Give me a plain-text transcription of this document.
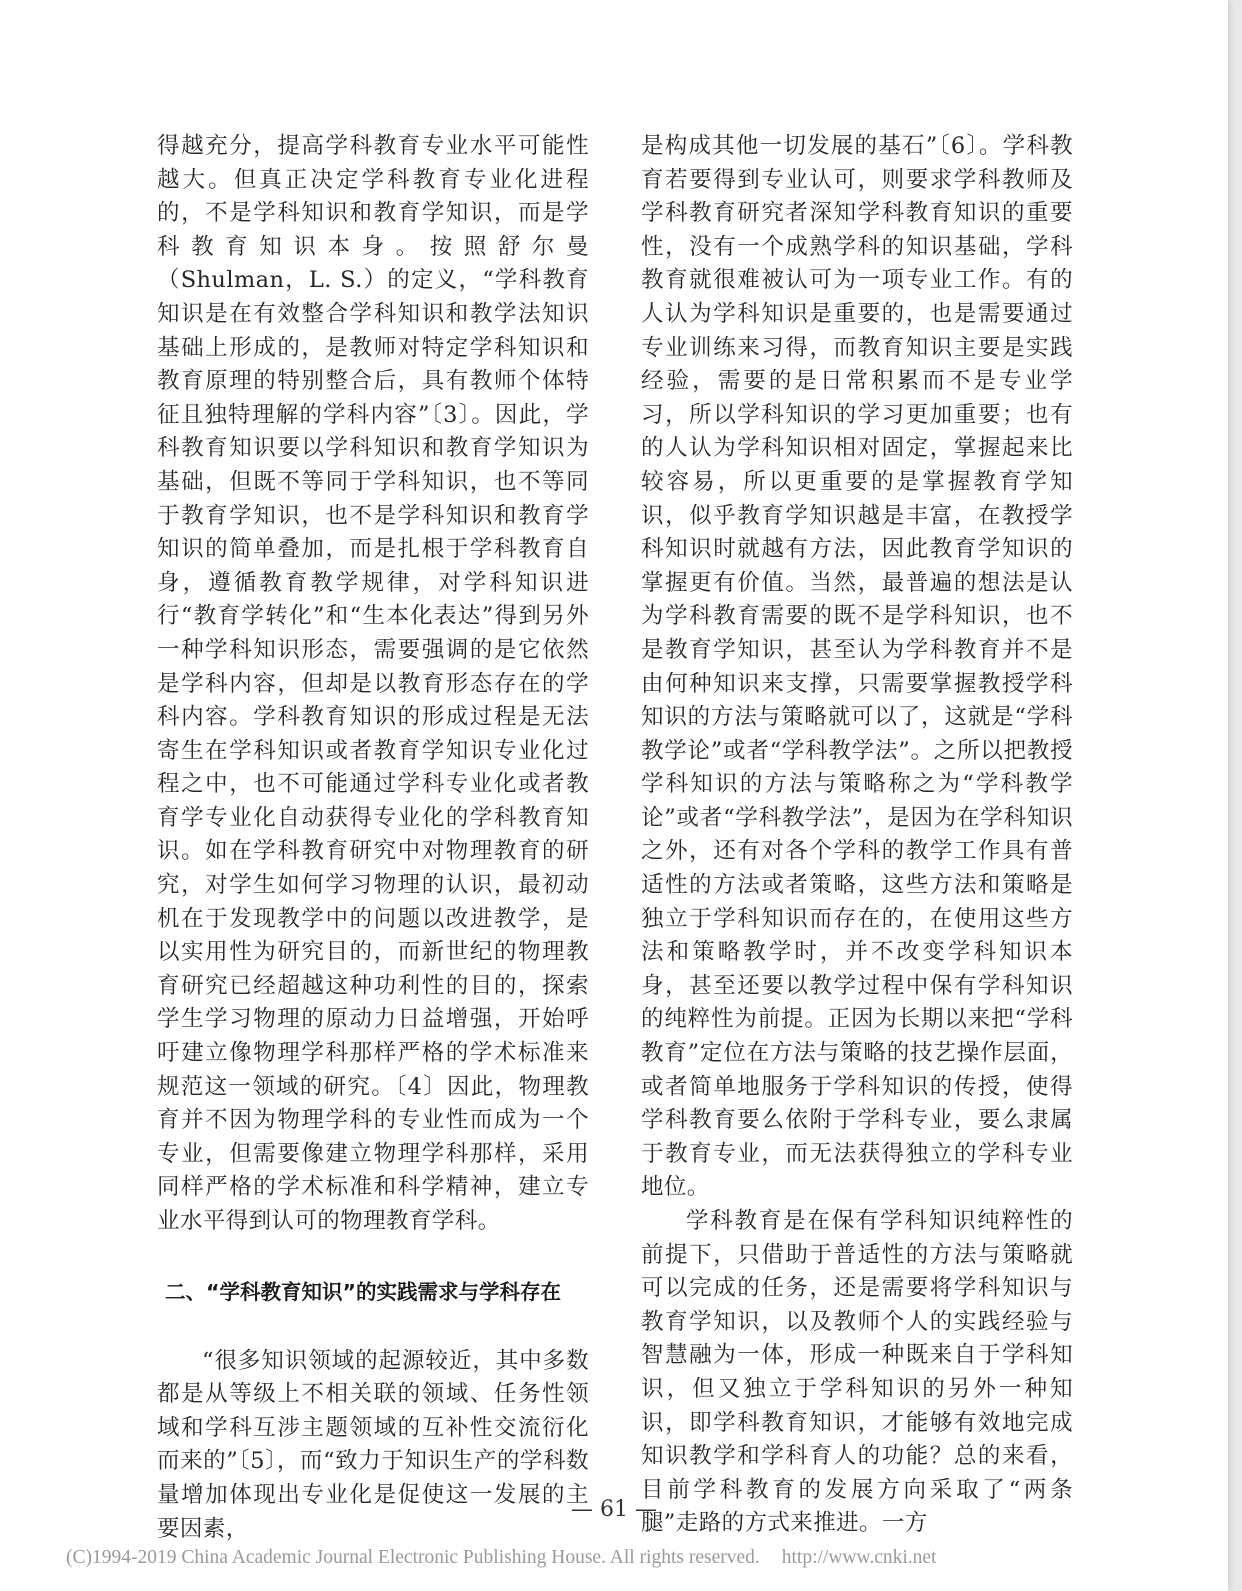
得越充分，提高学科教育专业水平可能性越大。但真正决定学科教育专业化进程的，不是学科知识和教育学知识，而是学科教育知识本身。按照舒尔曼（Shulman，L. S.）的定义，“学科教育知识是在有效整合学科知识和教学法知识基础上形成的，是教师对特定学科知识和教育原理的特别整合后，具有教师个体特征且独特理解的学科内容”〔3〕。因此，学科教育知识要以学科知识和教育学知识为基础，但既不等同于学科知识，也不等同于教育学知识，也不是学科知识和教育学知识的简单叠加，而是扎根于学科教育自身，遵循教育教学规律，对学科知识进行“教育学转化”和“生本化表达”得到另外一种学科知识形态，需要强调的是它依然是学科内容，但却是以教育形态存在的学科内容。学科教育知识的形成过程是无法寄生在学科知识或者教育学知识专业化过程之中，也不可能通过学科专业化或者教育学专业化自动获得专业化的学科教育知识。如在学科教育研究中对物理教育的研究，对学生如何学习物理的认识，最初动机在于发现教学中的问题以改进教学，是以实用性为研究目的，而新世纪的物理教育研究已经超越这种功利性的目的，探索学生学习物理的原动力日益增强，开始呼吁建立像物理学科那样严格的学术标准来规范这一领域的研究。〔4〕因此，物理教育并不因为物理学科的专业性而成为一个专业，但需要像建立物理学科那样，采用同样严格的学术标准和科学精神，建立专业水平得到认可的物理教育学科。

二、“学科教育知识”的实践需求与学科存在

“很多知识领域的起源较近，其中多数都是从等级上不相关联的领域、任务性领域和学科互涉主题领域的互补性交流衍化而来的”〔5〕，而“致力于知识生产的学科数量增加体现出专业化是促使这一发展的主要因素，

是构成其他一切发展的基石”〔6〕。学科教育若要得到专业认可，则要求学科教师及学科教育研究者深知学科教育知识的重要性，没有一个成熟学科的知识基础，学科教育就很难被认可为一项专业工作。有的人认为学科知识是重要的，也是需要通过专业训练来习得，而教育知识主要是实践经验，需要的是日常积累而不是专业学习，所以学科知识的学习更加重要；也有的人认为学科知识相对固定，掌握起来比较容易，所以更重要的是掌握教育学知识，似乎教育学知识越是丰富，在教授学科知识时就越有方法，因此教育学知识的掌握更有价值。当然，最普遍的想法是认为学科教育需要的既不是学科知识，也不是教育学知识，甚至认为学科教育并不是由何种知识来支撑，只需要掌握教授学科知识的方法与策略就可以了，这就是“学科教学论”或者“学科教学法”。之所以把教授学科知识的方法与策略称之为“学科教学论”或者“学科教学法”，是因为在学科知识之外，还有对各个学科的教学工作具有普适性的方法或者策略，这些方法和策略是独立于学科知识而存在的，在使用这些方法和策略教学时，并不改变学科知识本身，甚至还要以教学过程中保有学科知识的纯粹性为前提。正因为长期以来把“学科教育”定位在方法与策略的技艺操作层面，或者简单地服务于学科知识的传授，使得学科教育要么依附于学科专业，要么隶属于教育专业，而无法获得独立的学科专业地位。

学科教育是在保有学科知识纯粹性的前提下，只借助于普适性的方法与策略就可以完成的任务，还是需要将学科知识与教育学知识，以及教师个人的实践经验与智慧融为一体，形成一种既来自于学科知识，但又独立于学科知识的另外一种知识，即学科教育知识，才能够有效地完成知识教学和学科育人的功能？总的来看，目前学科教育的发展方向采取了“两条腿”走路的方式来推进。一方

— 61 —
(C)1994-2019 China Academic Journal Electronic Publishing House. All rights reserved. http://www.cnki.net
